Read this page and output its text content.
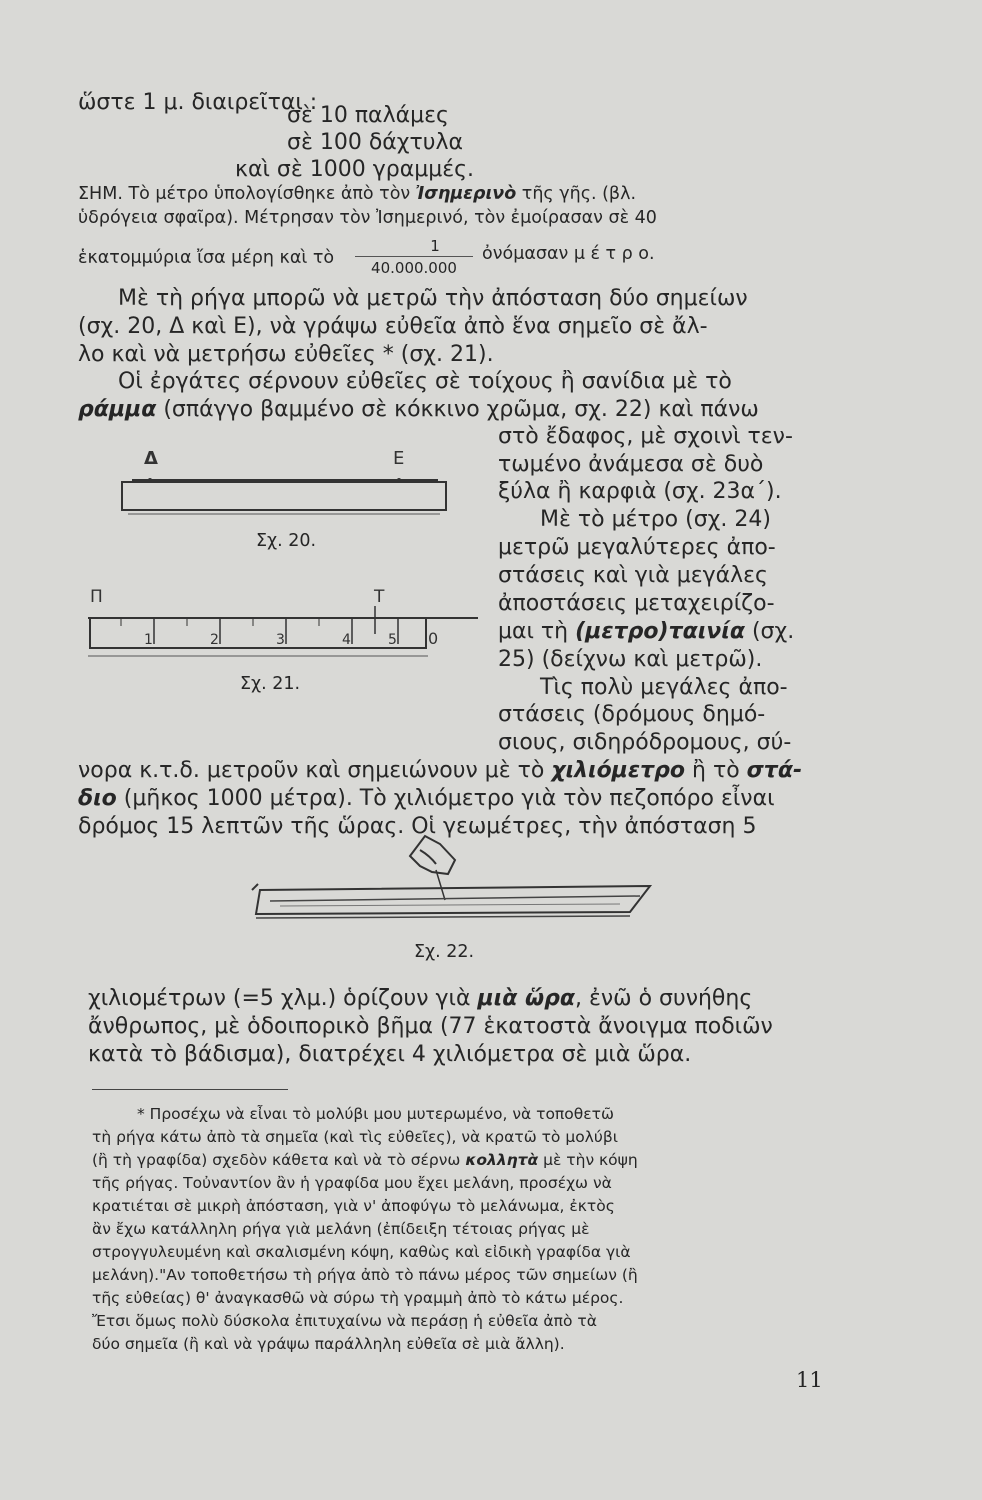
ὥστε 1 μ. διαιρεῖται :
σὲ 10 παλάμες
σὲ 100 δάχτυλα
καὶ σὲ 1000 γραμμές.
ΣΗΜ. Τὸ μέτρο ὑπολογίσθηκε ἀπὸ τὸν Ἰσημερινὸ τῆς γῆς. (βλ.
ὑδρόγεια σφαῖρα). Μέτρησαν τὸν Ἰσημερινό, τὸν ἐμοίρασαν σὲ 40
ἑκατομμύρια ἴσα μέρη καὶ τὸ
1
40.000.000
ὀνόμασαν μ έ τ ρ ο.
Μὲ τὴ ρήγα μπορῶ νὰ μετρῶ τὴν ἀπόσταση δύο σημείων
(σχ. 20, Δ καὶ Ε), νὰ γράψω εὐθεῖα ἀπὸ ἕνα σημεῖο σὲ ἄλ-
λο καὶ νὰ μετρήσω εὐθεῖες * (σχ. 21).
Οἱ ἐργάτες σέρνουν εὐθεῖες σὲ τοίχους ἢ σανίδια μὲ τὸ
ράμμα (σπάγγο βαμμένο σὲ κόκκινο χρῶμα, σχ. 22) καὶ πάνω
στὸ ἔδαφος, μὲ σχοινὶ τεν-
τωμένο ἀνάμεσα σὲ δυὸ
ξύλα ἢ καρφιὰ (σχ. 23α΄).
Μὲ τὸ μέτρο (σχ. 24)
μετρῶ μεγαλύτερες ἀπο-
στάσεις καὶ γιὰ μεγάλες
ἀποστάσεις μεταχειρίζο-
μαι τὴ (μετρο)ταινία (σχ.
25) (δείχνω καὶ μετρῶ).
Τὶς πολὺ μεγάλες ἀπο-
στάσεις (δρόμους δημό-
σιους, σιδηρόδρομους, σύ-
νορα κ.τ.δ. μετροῦν καὶ σημειώνουν μὲ τὸ χιλιόμετρο ἢ τὸ στά-
διο (μῆκος 1000 μέτρα). Τὸ χιλιόμετρο γιὰ τὸν πεζοπόρο εἶναι
δρόμος 15 λεπτῶν τῆς ὥρας. Οἱ γεωμέτρες, τὴν ἀπόσταση 5
Δ	Ε
Σχ. 20.
Π	Τ
1	2	3	4	5 0
Σχ. 21.
Σχ. 22.
χιλιομέτρων (=5 χλμ.) ὁρίζουν γιὰ μιὰ ὥρα, ἐνῶ ὁ συνήθης
ἄνθρωπος, μὲ ὁδοιπορικὸ βῆμα (77 ἑκατοστὰ ἄνοιγμα ποδιῶν
κατὰ τὸ βάδισμα), διατρέχει 4 χιλιόμετρα σὲ μιὰ ὥρα.
* Προσέχω νὰ εἶναι τὸ μολύβι μου μυτερωμένο, νὰ τοποθετῶ
τὴ ρήγα κάτω ἀπὸ τὰ σημεῖα (καὶ τὶς εὐθεῖες), νὰ κρατῶ τὸ μολύβι
(ἢ τὴ γραφίδα) σχεδὸν κάθετα καὶ νὰ τὸ σέρνω κολλητὰ μὲ τὴν κόψη
τῆς ρήγας. Τοὐναντίον ἂν ἡ γραφίδα μου ἔχει μελάνη, προσέχω νὰ
κρατιέται σὲ μικρὴ ἀπόσταση, γιὰ ν' ἀποφύγω τὸ μελάνωμα, ἐκτὸς
ἂν ἔχω κατάλληλη ρήγα γιὰ μελάνη (ἐπίδειξη τέτοιας ρήγας μὲ
στρογγυλευμένη καὶ σκαλισμένη κόψη, καθὼς καὶ εἰδικὴ γραφίδα γιὰ
μελάνη)."Αν τοποθετήσω τὴ ρήγα ἀπὸ τὸ πάνω μέρος τῶν σημείων (ἢ
τῆς εὐθείας) θ' ἀναγκασθῶ νὰ σύρω τὴ γραμμὴ ἀπὸ τὸ κάτω μέρος.
Ἔτσι ὅμως πολὺ δύσκολα ἐπιτυχαίνω νὰ περάσῃ ἡ εὐθεῖα ἀπὸ τὰ
δύο σημεῖα (ἢ καὶ νὰ γράψω παράλληλη εὐθεῖα σὲ μιὰ ἄλλη).
11
